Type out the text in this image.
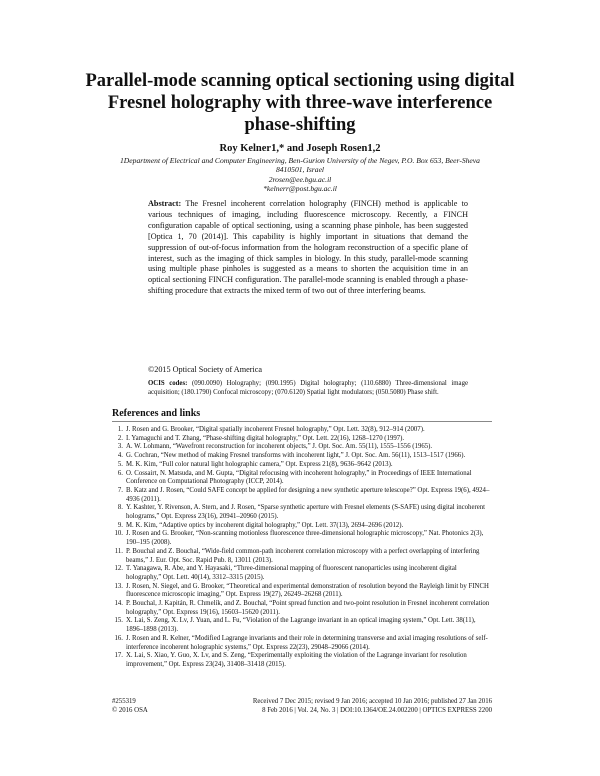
Parallel-mode scanning optical sectioning using digital Fresnel holography with three-wave interference phase-shifting
Roy Kelner1,* and Joseph Rosen1,2
1Department of Electrical and Computer Engineering, Ben-Gurion University of the Negev, P.O. Box 653, Beer-Sheva 8410501, Israel
2rosen@ee.bgu.ac.il
*kelnerr@post.bgu.ac.il
Abstract: The Fresnel incoherent correlation holography (FINCH) method is applicable to various techniques of imaging, including fluorescence microscopy. Recently, a FINCH configuration capable of optical sectioning, using a scanning phase pinhole, has been suggested [Optica 1, 70 (2014)]. This capability is highly important in situations that demand the suppression of out-of-focus information from the hologram reconstruction of a specific plane of interest, such as the imaging of thick samples in biology. In this study, parallel-mode scanning using multiple phase pinholes is suggested as a means to shorten the acquisition time in an optical sectioning FINCH configuration. The parallel-mode scanning is enabled through a phase-shifting procedure that extracts the mixed term of two out of three interfering beams.
©2015 Optical Society of America
OCIS codes: (090.0090) Holography; (090.1995) Digital holography; (110.6880) Three-dimensional image acquisition; (180.1790) Confocal microscopy; (070.6120) Spatial light modulators; (050.5080) Phase shift.
References and links
1. J. Rosen and G. Brooker, “Digital spatially incoherent Fresnel holography,” Opt. Lett. 32(8), 912–914 (2007).
2. I. Yamaguchi and T. Zhang, “Phase-shifting digital holography,” Opt. Lett. 22(16), 1268–1270 (1997).
3. A. W. Lohmann, “Wavefront reconstruction for incoherent objects,” J. Opt. Soc. Am. 55(11), 1555–1556 (1965).
4. G. Cochran, “New method of making Fresnel transforms with incoherent light,” J. Opt. Soc. Am. 56(11), 1513–1517 (1966).
5. M. K. Kim, “Full color natural light holographic camera,” Opt. Express 21(8), 9636–9642 (2013).
6. O. Cossairt, N. Matsuda, and M. Gupta, “Digital refocusing with incoherent holography,” in Proceedings of IEEE International Conference on Computational Photography (ICCP, 2014).
7. B. Katz and J. Rosen, “Could SAFE concept be applied for designing a new synthetic aperture telescope?” Opt. Express 19(6), 4924–4936 (2011).
8. Y. Kashter, Y. Rivenson, A. Stern, and J. Rosen, “Sparse synthetic aperture with Fresnel elements (S-SAFE) using digital incoherent holograms,” Opt. Express 23(16), 20941–20960 (2015).
9. M. K. Kim, “Adaptive optics by incoherent digital holography,” Opt. Lett. 37(13), 2694–2696 (2012).
10. J. Rosen and G. Brooker, “Non-scanning motionless fluorescence three-dimensional holographic microscopy,” Nat. Photonics 2(3), 190–195 (2008).
11. P. Bouchal and Z. Bouchal, “Wide-field common-path incoherent correlation microscopy with a perfect overlapping of interfering beams,” J. Eur. Opt. Soc. Rapid Pub. 8, 13011 (2013).
12. T. Yanagawa, R. Abe, and Y. Hayasaki, “Three-dimensional mapping of fluorescent nanoparticles using incoherent digital holography,” Opt. Lett. 40(14), 3312–3315 (2015).
13. J. Rosen, N. Siegel, and G. Brooker, “Theoretical and experimental demonstration of resolution beyond the Rayleigh limit by FINCH fluorescence microscopic imaging,” Opt. Express 19(27), 26249–26268 (2011).
14. P. Bouchal, J. Kapitán, R. Chmelík, and Z. Bouchal, “Point spread function and two-point resolution in Fresnel incoherent correlation holography,” Opt. Express 19(16), 15603–15620 (2011).
15. X. Lai, S. Zeng, X. Lv, J. Yuan, and L. Fu, “Violation of the Lagrange invariant in an optical imaging system,” Opt. Lett. 38(11), 1896–1898 (2013).
16. J. Rosen and R. Kelner, “Modified Lagrange invariants and their role in determining transverse and axial imaging resolutions of self-interference incoherent holographic systems,” Opt. Express 22(23), 29048–29066 (2014).
17. X. Lai, S. Xiao, Y. Guo, X. Lv, and S. Zeng, “Experimentally exploiting the violation of the Lagrange invariant for resolution improvement,” Opt. Express 23(24), 31408–31418 (2015).
#255319	Received 7 Dec 2015; revised 9 Jan 2016; accepted 10 Jan 2016; published 27 Jan 2016
© 2016 OSA	8 Feb 2016 | Vol. 24, No. 3 | DOI:10.1364/OE.24.002200 | OPTICS EXPRESS 2200
